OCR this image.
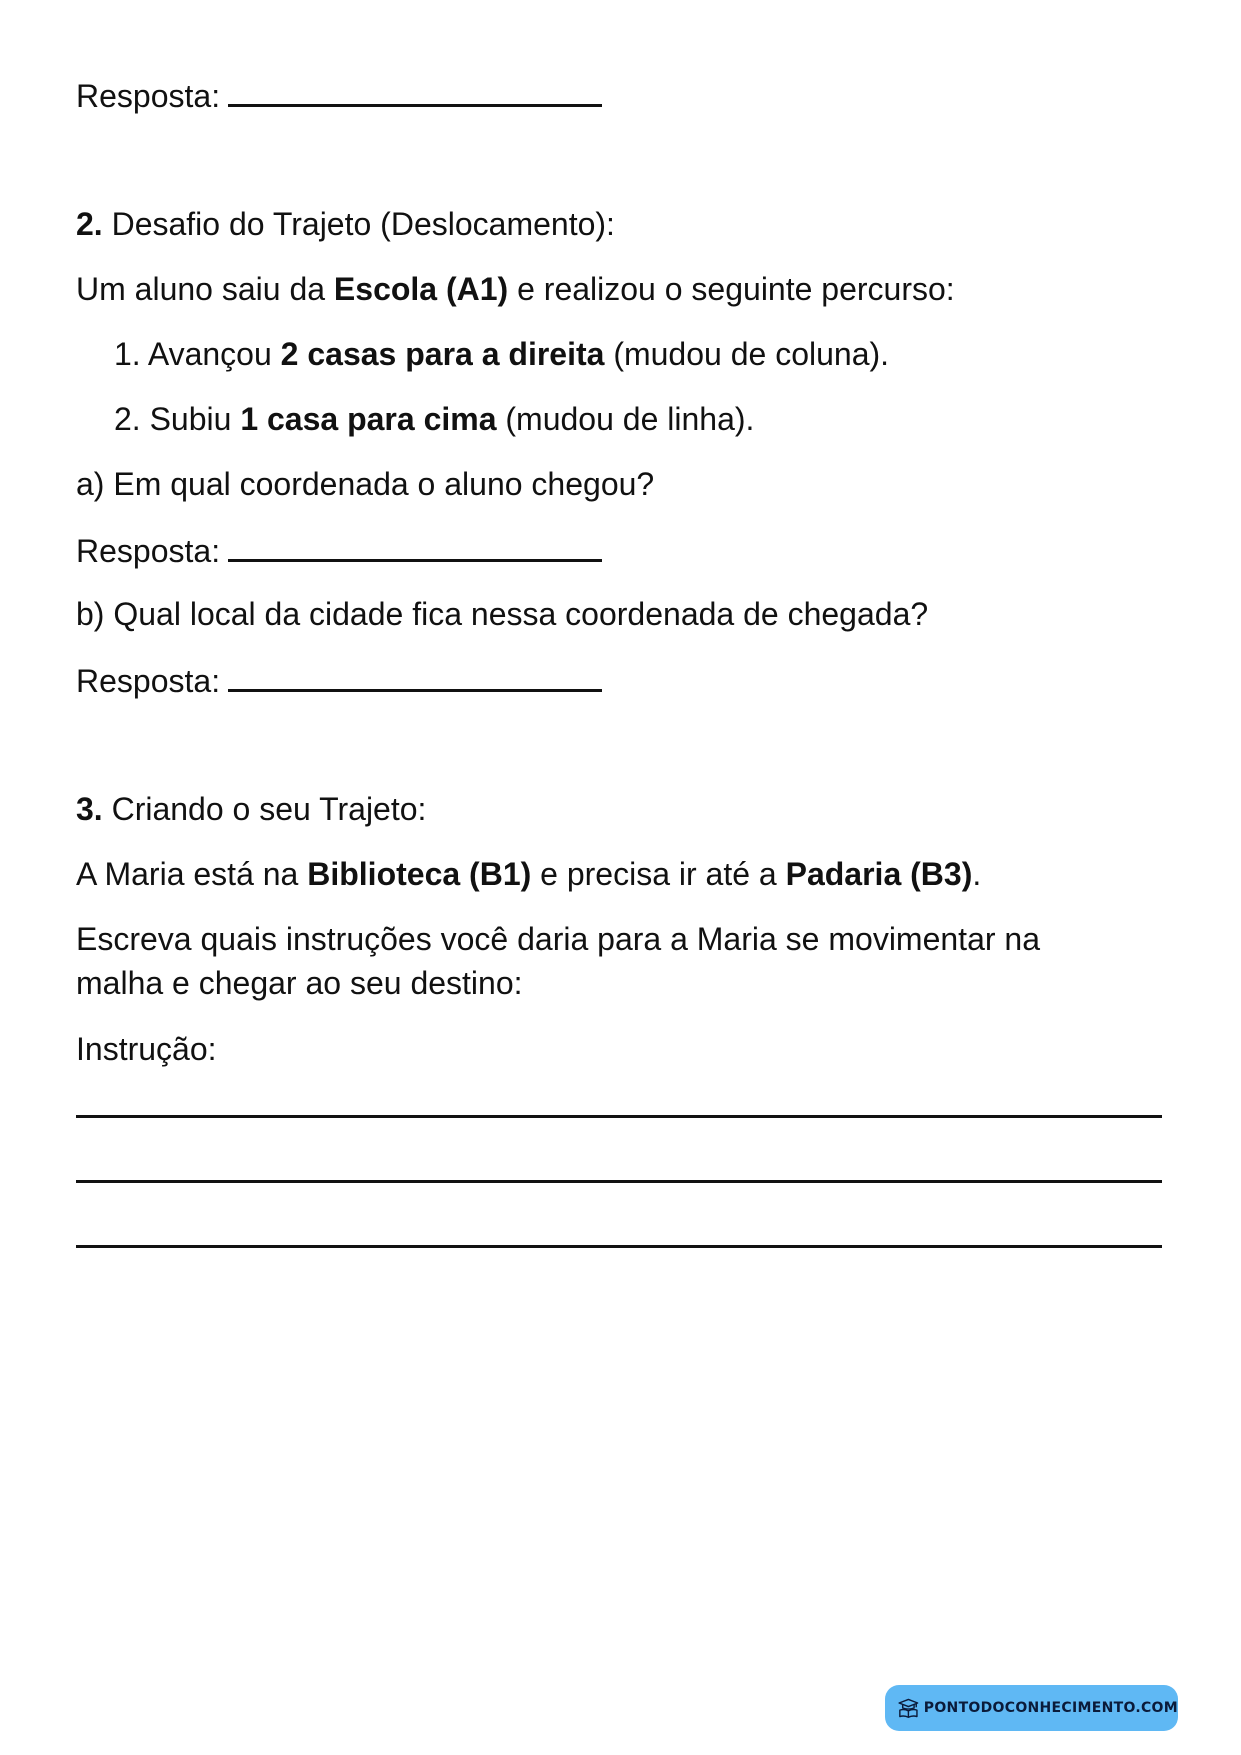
Resposta:
2. Desafio do Trajeto (Deslocamento):
Um aluno saiu da Escola (A1) e realizou o seguinte percurso:
1. Avançou 2 casas para a direita (mudou de coluna).
2. Subiu 1 casa para cima (mudou de linha).
a) Em qual coordenada o aluno chegou?
Resposta:
b) Qual local da cidade fica nessa coordenada de chegada?
Resposta:
3. Criando o seu Trajeto:
A Maria está na Biblioteca (B1) e precisa ir até a Padaria (B3).
Escreva quais instruções você daria para a Maria se movimentar na
malha e chegar ao seu destino:
Instrução:
PONTODOCONHECIMENTO.COM
